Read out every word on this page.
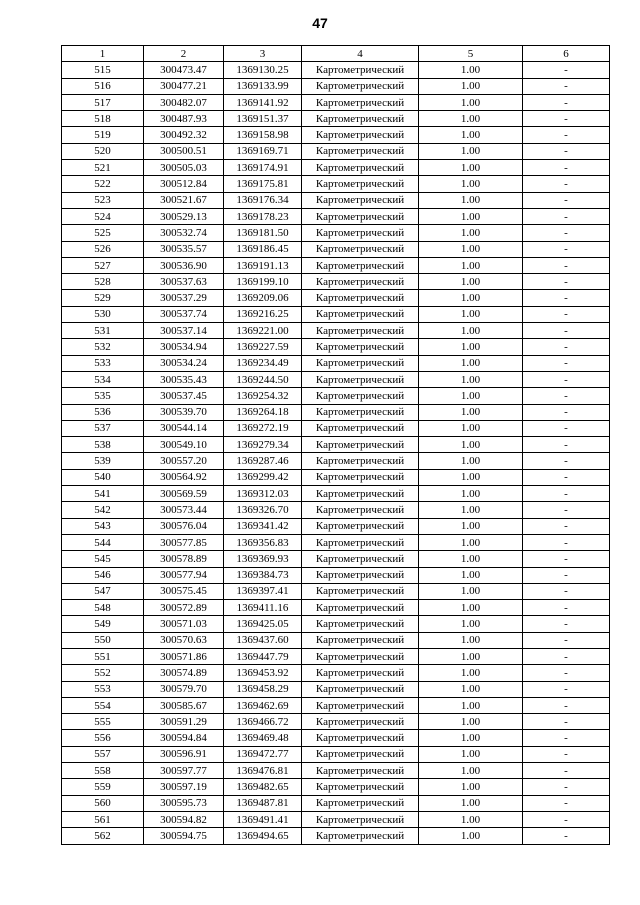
47
1	2	3	4	5	6
515	300473.47	1369130.25	Картометрический	1.00	-
516	300477.21	1369133.99	Картометрический	1.00	-
517	300482.07	1369141.92	Картометрический	1.00	-
518	300487.93	1369151.37	Картометрический	1.00	-
519	300492.32	1369158.98	Картометрический	1.00	-
520	300500.51	1369169.71	Картометрический	1.00	-
521	300505.03	1369174.91	Картометрический	1.00	-
522	300512.84	1369175.81	Картометрический	1.00	-
523	300521.67	1369176.34	Картометрический	1.00	-
524	300529.13	1369178.23	Картометрический	1.00	-
525	300532.74	1369181.50	Картометрический	1.00	-
526	300535.57	1369186.45	Картометрический	1.00	-
527	300536.90	1369191.13	Картометрический	1.00	-
528	300537.63	1369199.10	Картометрический	1.00	-
529	300537.29	1369209.06	Картометрический	1.00	-
530	300537.74	1369216.25	Картометрический	1.00	-
531	300537.14	1369221.00	Картометрический	1.00	-
532	300534.94	1369227.59	Картометрический	1.00	-
533	300534.24	1369234.49	Картометрический	1.00	-
534	300535.43	1369244.50	Картометрический	1.00	-
535	300537.45	1369254.32	Картометрический	1.00	-
536	300539.70	1369264.18	Картометрический	1.00	-
537	300544.14	1369272.19	Картометрический	1.00	-
538	300549.10	1369279.34	Картометрический	1.00	-
539	300557.20	1369287.46	Картометрический	1.00	-
540	300564.92	1369299.42	Картометрический	1.00	-
541	300569.59	1369312.03	Картометрический	1.00	-
542	300573.44	1369326.70	Картометрический	1.00	-
543	300576.04	1369341.42	Картометрический	1.00	-
544	300577.85	1369356.83	Картометрический	1.00	-
545	300578.89	1369369.93	Картометрический	1.00	-
546	300577.94	1369384.73	Картометрический	1.00	-
547	300575.45	1369397.41	Картометрический	1.00	-
548	300572.89	1369411.16	Картометрический	1.00	-
549	300571.03	1369425.05	Картометрический	1.00	-
550	300570.63	1369437.60	Картометрический	1.00	-
551	300571.86	1369447.79	Картометрический	1.00	-
552	300574.89	1369453.92	Картометрический	1.00	-
553	300579.70	1369458.29	Картометрический	1.00	-
554	300585.67	1369462.69	Картометрический	1.00	-
555	300591.29	1369466.72	Картометрический	1.00	-
556	300594.84	1369469.48	Картометрический	1.00	-
557	300596.91	1369472.77	Картометрический	1.00	-
558	300597.77	1369476.81	Картометрический	1.00	-
559	300597.19	1369482.65	Картометрический	1.00	-
560	300595.73	1369487.81	Картометрический	1.00	-
561	300594.82	1369491.41	Картометрический	1.00	-
562	300594.75	1369494.65	Картометрический	1.00	-
